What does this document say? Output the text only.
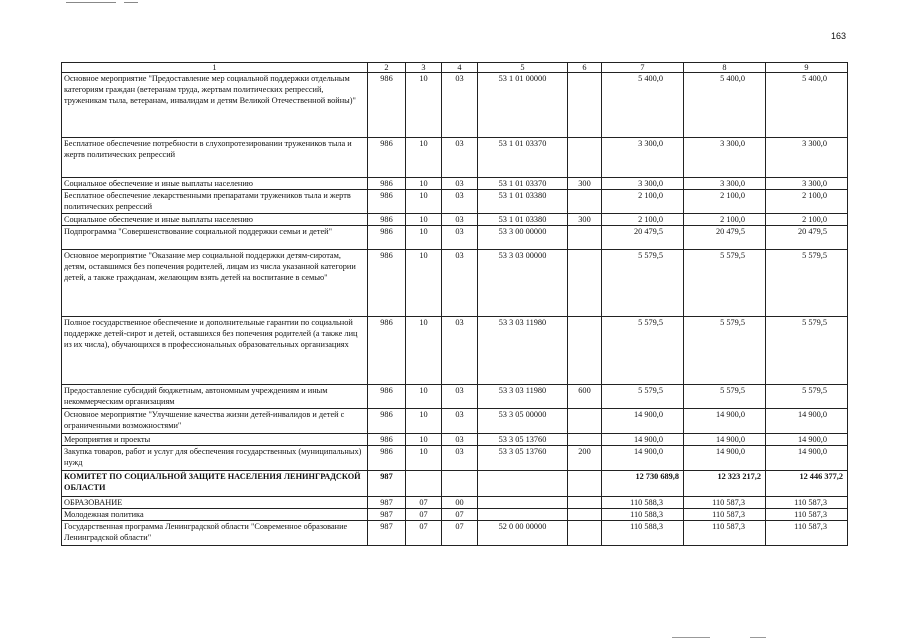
163
1	2	3	4	5	6	7	8	9
Основное мероприятие "Предоставление мер социальной поддержки отдельным категориям граждан (ветеранам труда, жертвам политических репрессий, труженикам тыла, ветеранам, инвалидам и детям Великой Отечественной войны)"	986	10	03	53 1 01 00000		5 400,0	5 400,0	5 400,0
Бесплатное обеспечение потребности в слухопротезировании тружеников тыла и жертв политических репрессий	986	10	03	53 1 01 03370		3 300,0	3 300,0	3 300,0
Социальное обеспечение и иные выплаты населению	986	10	03	53 1 01 03370	300	3 300,0	3 300,0	3 300,0
Бесплатное обеспечение лекарственными препаратами тружеников тыла и жертв политических репрессий	986	10	03	53 1 01 03380		2 100,0	2 100,0	2 100,0
Социальное обеспечение и иные выплаты населению	986	10	03	53 1 01 03380	300	2 100,0	2 100,0	2 100,0
Подпрограмма "Совершенствование социальной поддержки семьи и детей"	986	10	03	53 3 00 00000		20 479,5	20 479,5	20 479,5
Основное мероприятие "Оказание мер социальной поддержки детям-сиротам, детям, оставшимся без попечения родителей, лицам из числа указанной категории детей, а также гражданам, желающим взять детей на воспитание в семью"	986	10	03	53 3 03 00000		5 579,5	5 579,5	5 579,5
Полное государственное обеспечение и дополнительные гарантии по социальной поддержке детей-сирот и детей, оставшихся без попечения родителей (а также лиц из их числа), обучающихся в профессиональных образовательных организациях	986	10	03	53 3 03 11980		5 579,5	5 579,5	5 579,5
Предоставление субсидий бюджетным, автономным учреждениям и иным некоммерческим организациям	986	10	03	53 3 03 11980	600	5 579,5	5 579,5	5 579,5
Основное мероприятие "Улучшение качества жизни детей-инвалидов и детей с ограниченными возможностями"	986	10	03	53 3 05 00000		14 900,0	14 900,0	14 900,0
Мероприятия и проекты	986	10	03	53 3 05 13760		14 900,0	14 900,0	14 900,0
Закупка товаров, работ и услуг для обеспечения государственных (муниципальных) нужд	986	10	03	53 3 05 13760	200	14 900,0	14 900,0	14 900,0
КОМИТЕТ ПО СОЦИАЛЬНОЙ ЗАЩИТЕ НАСЕЛЕНИЯ ЛЕНИНГРАДСКОЙ ОБЛАСТИ	987					12 730 689,8	12 323 217,2	12 446 377,2
ОБРАЗОВАНИЕ	987	07	00			110 588,3	110 587,3	110 587,3
Молодежная политика	987	07	07			110 588,3	110 587,3	110 587,3
Государственная программа Ленинградской области "Современное образование Ленинградской области"	987	07	07	52 0 00 00000		110 588,3	110 587,3	110 587,3
